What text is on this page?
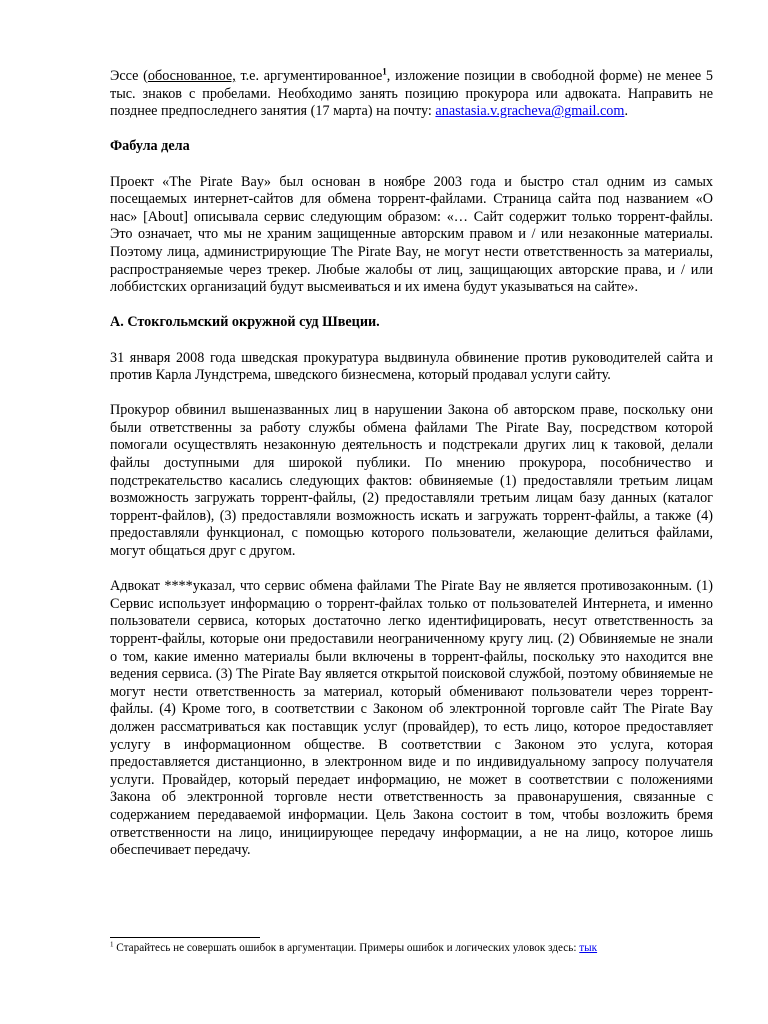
Эссе (обоснованное, т.е. аргументированное$^1$, изложение позиции в свободной форме) не менее 5 тыс. знаков с пробелами. Необходимо занять позицию прокурора или адвоката. Направить не позднее предпоследнего занятия (17 марта) на почту: anastasia.v.gracheva@gmail.com.

Фабула дела

Проект «The Pirate Bay» был основан в ноябре 2003 года и быстро стал одним из самых посещаемых интернет-сайтов для обмена торрент-файлами. Страница сайта под названием «О нас» [About] описывала сервис следующим образом: «… Сайт содержит только торрент-файлы. Это означает, что мы не храним защищенные авторским правом и / или незаконные материалы. Поэтому лица, администрирующие The Pirate Bay, не могут нести ответственность за материалы, распространяемые через трекер. Любые жалобы от лиц, защищающих авторские права, и / или лоббистских организаций будут высмеиваться и их имена будут указываться на сайте».

A. Стокгольмский окружной суд Швеции.

31 января 2008 года шведская прокуратура выдвинула обвинение против руководителей сайта и против Карла Лундстрема, шведского бизнесмена, который продавал услуги сайту.

Прокурор обвинил вышеназванных лиц в нарушении Закона об авторском праве, поскольку они были ответственны за работу службы обмена файлами The Pirate Bay, посредством которой помогали осуществлять незаконную деятельность и подстрекали других лиц к таковой, делали файлы доступными для широкой публики. По мнению прокурора, пособничество и подстрекательство касались следующих фактов: обвиняемые (1) предоставляли третьим лицам возможность загружать торрент-файлы, (2) предоставляли третьим лицам базу данных (каталог торрент-файлов), (3) предоставляли возможность искать и загружать торрент-файлы, а также (4) предоставляли функционал, с помощью которого пользователи, желающие делиться файлами, могут общаться друг с другом.

Адвокат ****указал, что сервис обмена файлами The Pirate Bay не является противозаконным. (1) Сервис использует информацию о торрент-файлах только от пользователей Интернета, и именно пользователи сервиса, которых достаточно легко идентифицировать, несут ответственность за торрент-файлы, которые они предоставили неограниченному кругу лиц. (2) Обвиняемые не знали о том, какие именно материалы были включены в торрент-файлы, поскольку это находится вне ведения сервиса. (3) The Pirate Bay является открытой поисковой службой, поэтому обвиняемые не могут нести ответственность за материал, который обменивают пользователи через торрент-файлы. (4) Кроме того, в соответствии с Законом об электронной торговле сайт The Pirate Bay должен рассматриваться как поставщик услуг (провайдер), то есть лицо, которое предоставляет услугу в информационном обществе. В соответствии с Законом это услуга, которая предоставляется дистанционно, в электронном виде и по индивидуальному запросу получателя услуги. Провайдер, который передает информацию, не может в соответствии с положениями Закона об электронной торговле нести ответственность за правонарушения, связанные с содержанием передаваемой информации. Цель Закона состоит в том, чтобы возложить бремя ответственности на лицо, инициирующее передачу информации, а не на лицо, которое лишь обеспечивает передачу.

$^1$ Старайтесь не совершать ошибок в аргументации. Примеры ошибок и логических уловок здесь: тык
